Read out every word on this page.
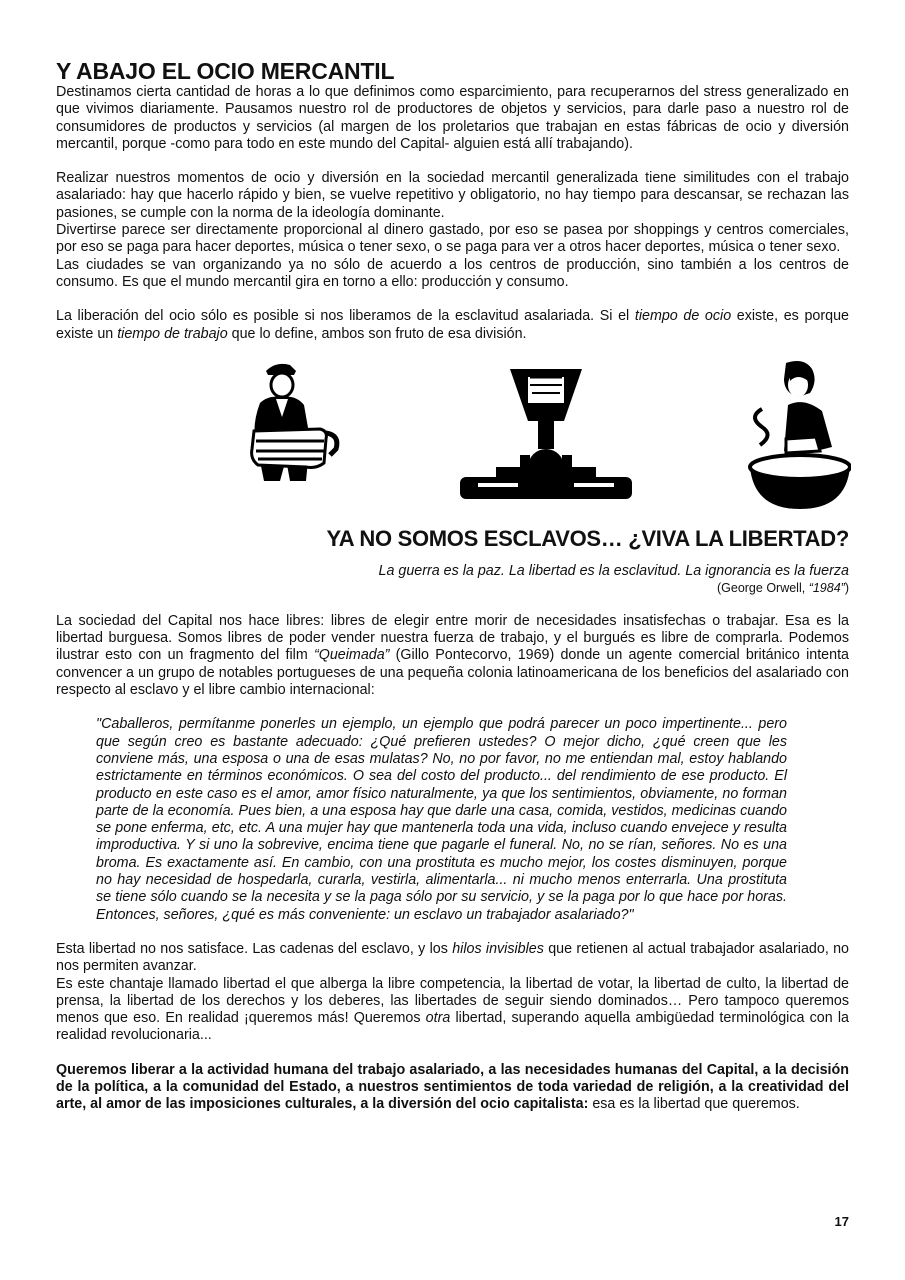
Y ABAJO EL OCIO MERCANTIL

Destinamos cierta cantidad de horas a lo que definimos como esparcimiento, para recuperarnos del stress generalizado en que vivimos diariamente. Pausamos nuestro rol de productores de objetos y servicios, para darle paso a nuestro rol de consumidores de productos y servicios (al margen de los proletarios que trabajan en estas fábricas de ocio y diversión mercantil, porque -como para todo en este mundo del Capital- alguien está allí trabajando).

Realizar nuestros momentos de ocio y diversión en la sociedad mercantil generalizada tiene similitudes con el trabajo asalariado: hay que hacerlo rápido y bien, se vuelve repetitivo y obligatorio, no hay tiempo para descansar, se rechazan las pasiones, se cumple con la norma de la ideología dominante.

Divertirse parece ser directamente proporcional al dinero gastado, por eso se pasea por shoppings y centros comerciales, por eso se paga para hacer deportes, música o tener sexo, o se paga para ver a otros hacer deportes, música o tener sexo.

Las ciudades se van organizando ya no sólo de acuerdo a los centros de producción, sino también a los centros de consumo. Es que el mundo mercantil gira en torno a ello: producción y consumo.

La liberación del ocio sólo es posible si nos liberamos de la esclavitud asalariada. Si el tiempo de ocio existe, es porque existe un tiempo de trabajo que lo define, ambos son fruto de esa división.

YA NO SOMOS ESCLAVOS… ¿VIVA LA LIBERTAD?
La guerra es la paz. La libertad es la esclavitud. La ignorancia es la fuerza
(George Orwell, “1984”)

La sociedad del Capital nos hace libres: libres de elegir entre morir de necesidades insatisfechas o trabajar. Esa es la libertad burguesa. Somos libres de poder vender nuestra fuerza de trabajo, y el burgués es libre de comprarla. Podemos ilustrar esto con un fragmento del film “Queimada” (Gillo Pontecorvo, 1969) donde un agente comercial británico intenta convencer a un grupo de notables portugueses de una pequeña colonia latinoamericana de los beneficios del asalariado con respecto al esclavo y el libre cambio internacional:

"Caballeros, permítanme ponerles un ejemplo, un ejemplo que podrá parecer un poco impertinente... pero que según creo es bastante adecuado: ¿Qué prefieren ustedes? O mejor dicho, ¿qué creen que les conviene más, una esposa o una de esas mulatas? No, no por favor, no me entiendan mal, estoy hablando estrictamente en términos económicos. O sea del costo del producto... del rendimiento de ese producto. El producto en este caso es el amor, amor físico naturalmente, ya que los sentimientos, obviamente, no forman parte de la economía. Pues bien, a una esposa hay que darle una casa, comida, vestidos, medicinas cuando se pone enferma, etc, etc. A una mujer hay que mantenerla toda una vida, incluso cuando envejece y resulta improductiva. Y si uno la sobrevive, encima tiene que pagarle el funeral. No, no se rían, señores. No es una broma. Es exactamente así. En cambio, con una prostituta es mucho mejor, los costes disminuyen, porque no hay necesidad de hospedarla, curarla, vestirla, alimentarla... ni mucho menos enterrarla. Una prostituta se tiene sólo cuando se la necesita y se la paga sólo por su servicio, y se la paga por lo que hace por horas. Entonces, señores, ¿qué es más conveniente: un esclavo un trabajador asalariado?"

Esta libertad no nos satisface. Las cadenas del esclavo, y los hilos invisibles que retienen al actual trabajador asalariado, no nos permiten avanzar.

Es este chantaje llamado libertad el que alberga la libre competencia, la libertad de votar, la libertad de culto, la libertad de prensa, la libertad de los derechos y los deberes, las libertades de seguir siendo dominados… Pero tampoco queremos menos que eso. En realidad ¡queremos más! Queremos otra libertad, superando aquella ambigüedad terminológica con la realidad revolucionaria...

Queremos liberar a la actividad humana del trabajo asalariado, a las necesidades humanas del Capital, a la decisión de la política, a la comunidad del Estado, a nuestros sentimientos de toda variedad de religión, a la creatividad del arte, al amor de las imposiciones culturales, a la diversión del ocio capitalista: esa es la libertad que queremos.

17
